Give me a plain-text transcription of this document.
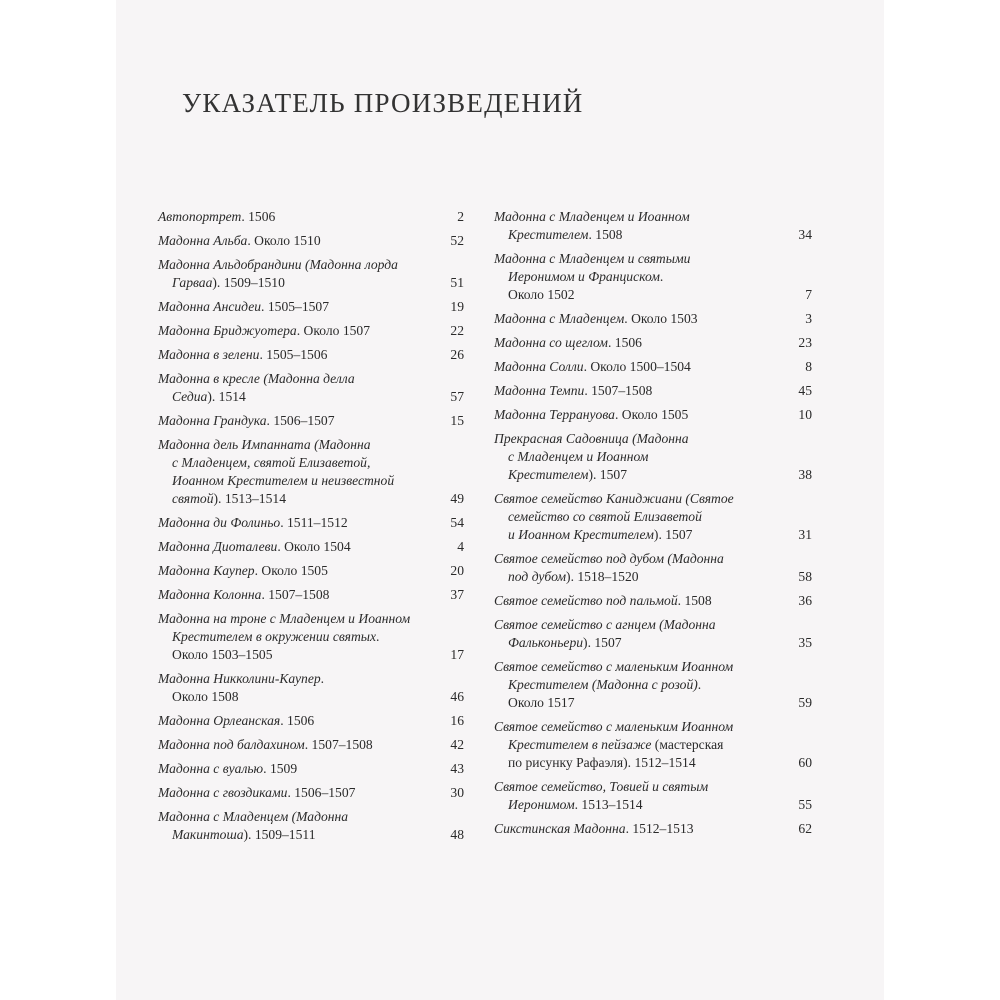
УКАЗАТЕЛЬ ПРОИЗВЕДЕНИЙ
Автопортрет. 1506	2
Мадонна Альба. Около 1510	52
Мадонна Альдобрандини (Мадонна лорда
Гарваа). 1509–1510	51
Мадонна Ансидеи. 1505–1507	19
Мадонна Бриджуотера. Около 1507	22
Мадонна в зелени. 1505–1506	26
Мадонна в кресле (Мадонна делла
Седиа). 1514	57
Мадонна Грандука. 1506–1507	15
Мадонна дель Импанната (Мадонна
с Младенцем, святой Елизаветой,
Иоанном Крестителем и неизвестной
святой). 1513–1514	49
Мадонна ди Фолиньо. 1511–1512	54
Мадонна Диоталеви. Около 1504	4
Мадонна Каупер. Около 1505	20
Мадонна Колонна. 1507–1508	37
Мадонна на троне с Младенцем и Иоанном
Крестителем в окружении святых.
Около 1503–1505	17
Мадонна Никколини-Каупер.
Около 1508	46
Мадонна Орлеанская. 1506	16
Мадонна под балдахином. 1507–1508	42
Мадонна с вуалью. 1509	43
Мадонна с гвоздиками. 1506–1507	30
Мадонна с Младенцем (Мадонна
Макинтоша). 1509–1511	48
Мадонна с Младенцем и Иоанном
Крестителем. 1508	34
Мадонна с Младенцем и святыми
Иеронимом и Франциском.
Около 1502	7
Мадонна с Младенцем. Около 1503	3
Мадонна со щеглом. 1506	23
Мадонна Солли. Около 1500–1504	8
Мадонна Темпи. 1507–1508	45
Мадонна Террануова. Около 1505	10
Прекрасная Садовница (Мадонна
с Младенцем и Иоанном
Крестителем). 1507	38
Святое семейство Каниджиани (Святое
семейство со святой Елизаветой
и Иоанном Крестителем). 1507	31
Святое семейство под дубом (Мадонна
под дубом). 1518–1520	58
Святое семейство под пальмой. 1508	36
Святое семейство с агнцем (Мадонна
Фальконьери). 1507	35
Святое семейство с маленьким Иоанном
Крестителем (Мадонна с розой).
Около 1517	59
Святое семейство с маленьким Иоанном
Крестителем в пейзаже (мастерская
по рисунку Рафаэля). 1512–1514	60
Святое семейство, Товией и святым
Иеронимом. 1513–1514	55
Сикстинская Мадонна. 1512–1513	62
